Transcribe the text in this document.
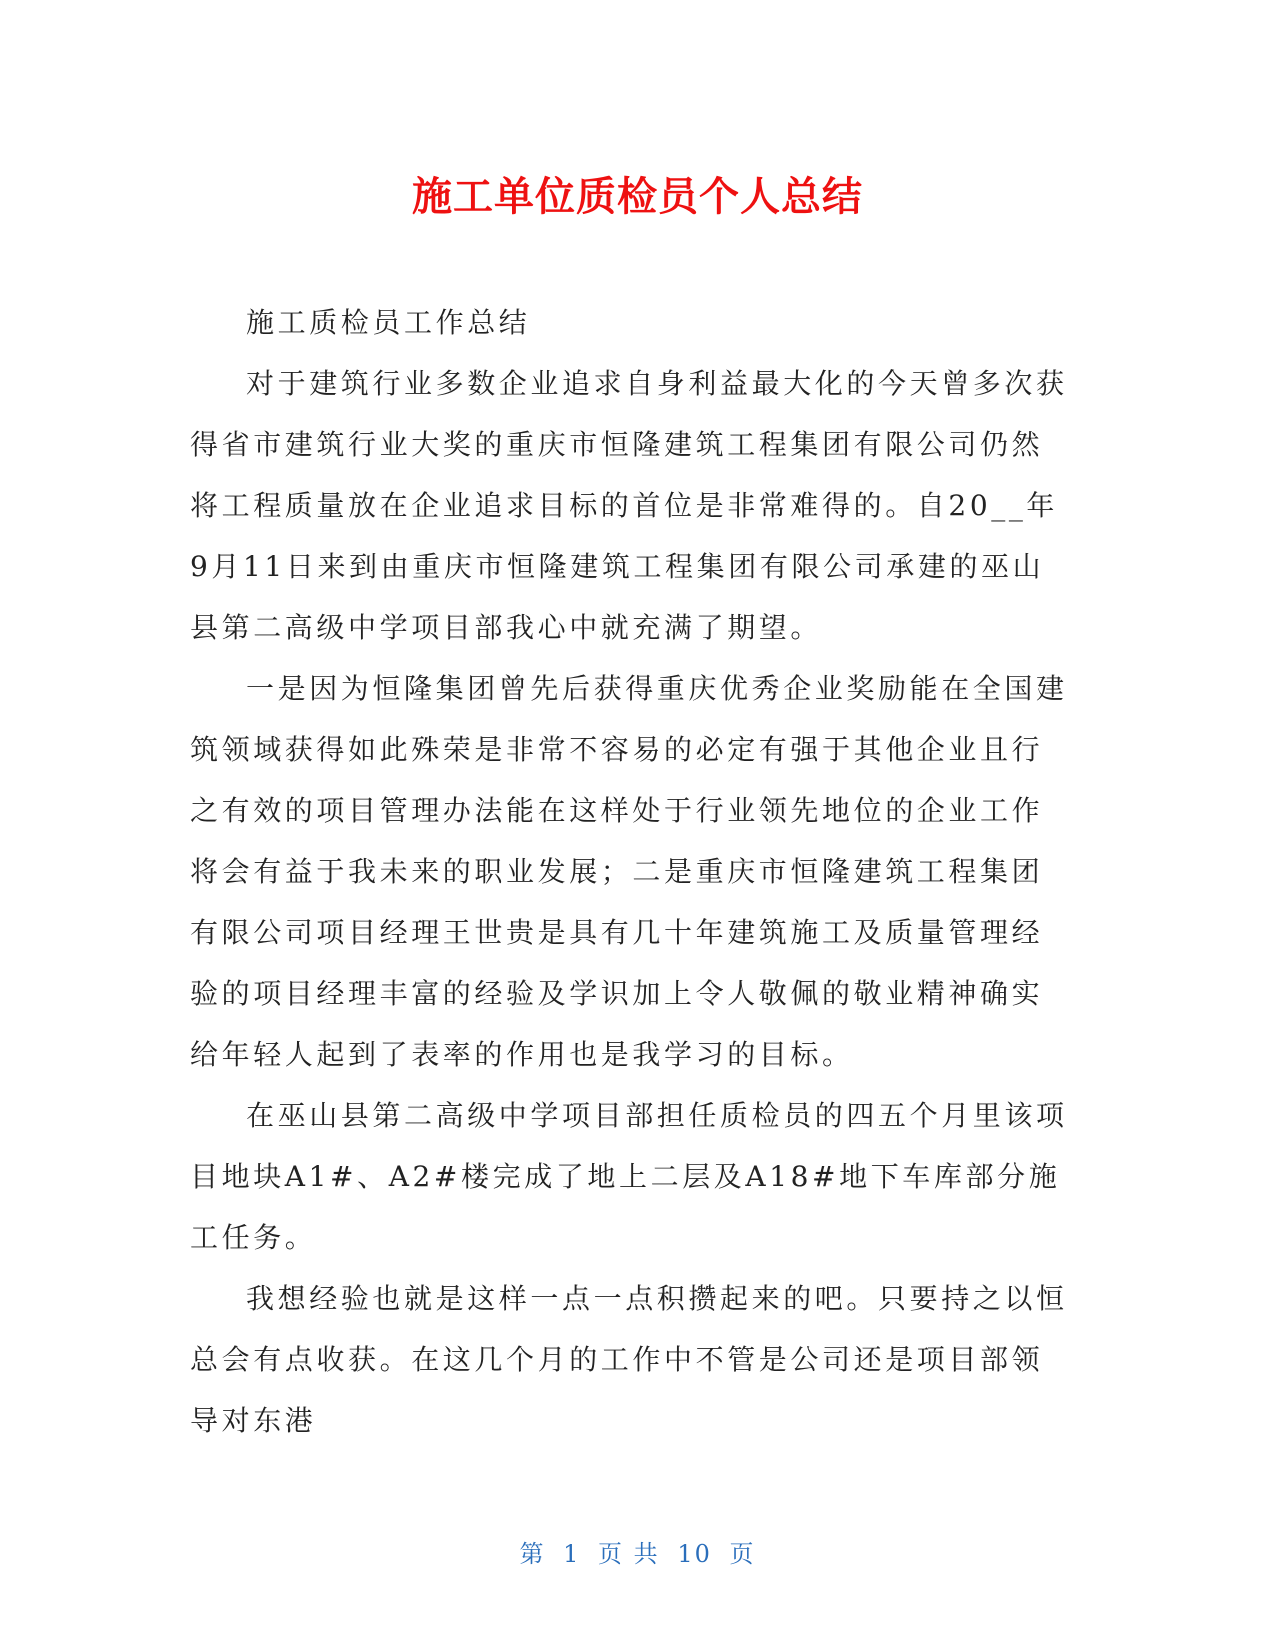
施工单位质检员个人总结

施工质检员工作总结

对于建筑行业多数企业追求自身利益最大化的今天曾多次获得省市建筑行业大奖的重庆市恒隆建筑工程集团有限公司仍然将工程质量放在企业追求目标的首位是非常难得的。自20__年9月11日来到由重庆市恒隆建筑工程集团有限公司承建的巫山县第二高级中学项目部我心中就充满了期望。

一是因为恒隆集团曾先后获得重庆优秀企业奖励能在全国建筑领域获得如此殊荣是非常不容易的必定有强于其他企业且行之有效的项目管理办法能在这样处于行业领先地位的企业工作将会有益于我未来的职业发展；二是重庆市恒隆建筑工程集团有限公司项目经理王世贵是具有几十年建筑施工及质量管理经验的项目经理丰富的经验及学识加上令人敬佩的敬业精神确实给年轻人起到了表率的作用也是我学习的目标。

在巫山县第二高级中学项目部担任质检员的四五个月里该项目地块A1#、A2#楼完成了地上二层及A18#地下车库部分施工任务。

我想经验也就是这样一点一点积攒起来的吧。只要持之以恒总会有点收获。在这几个月的工作中不管是公司还是项目部领导对东港

第 1 页 共 10 页
